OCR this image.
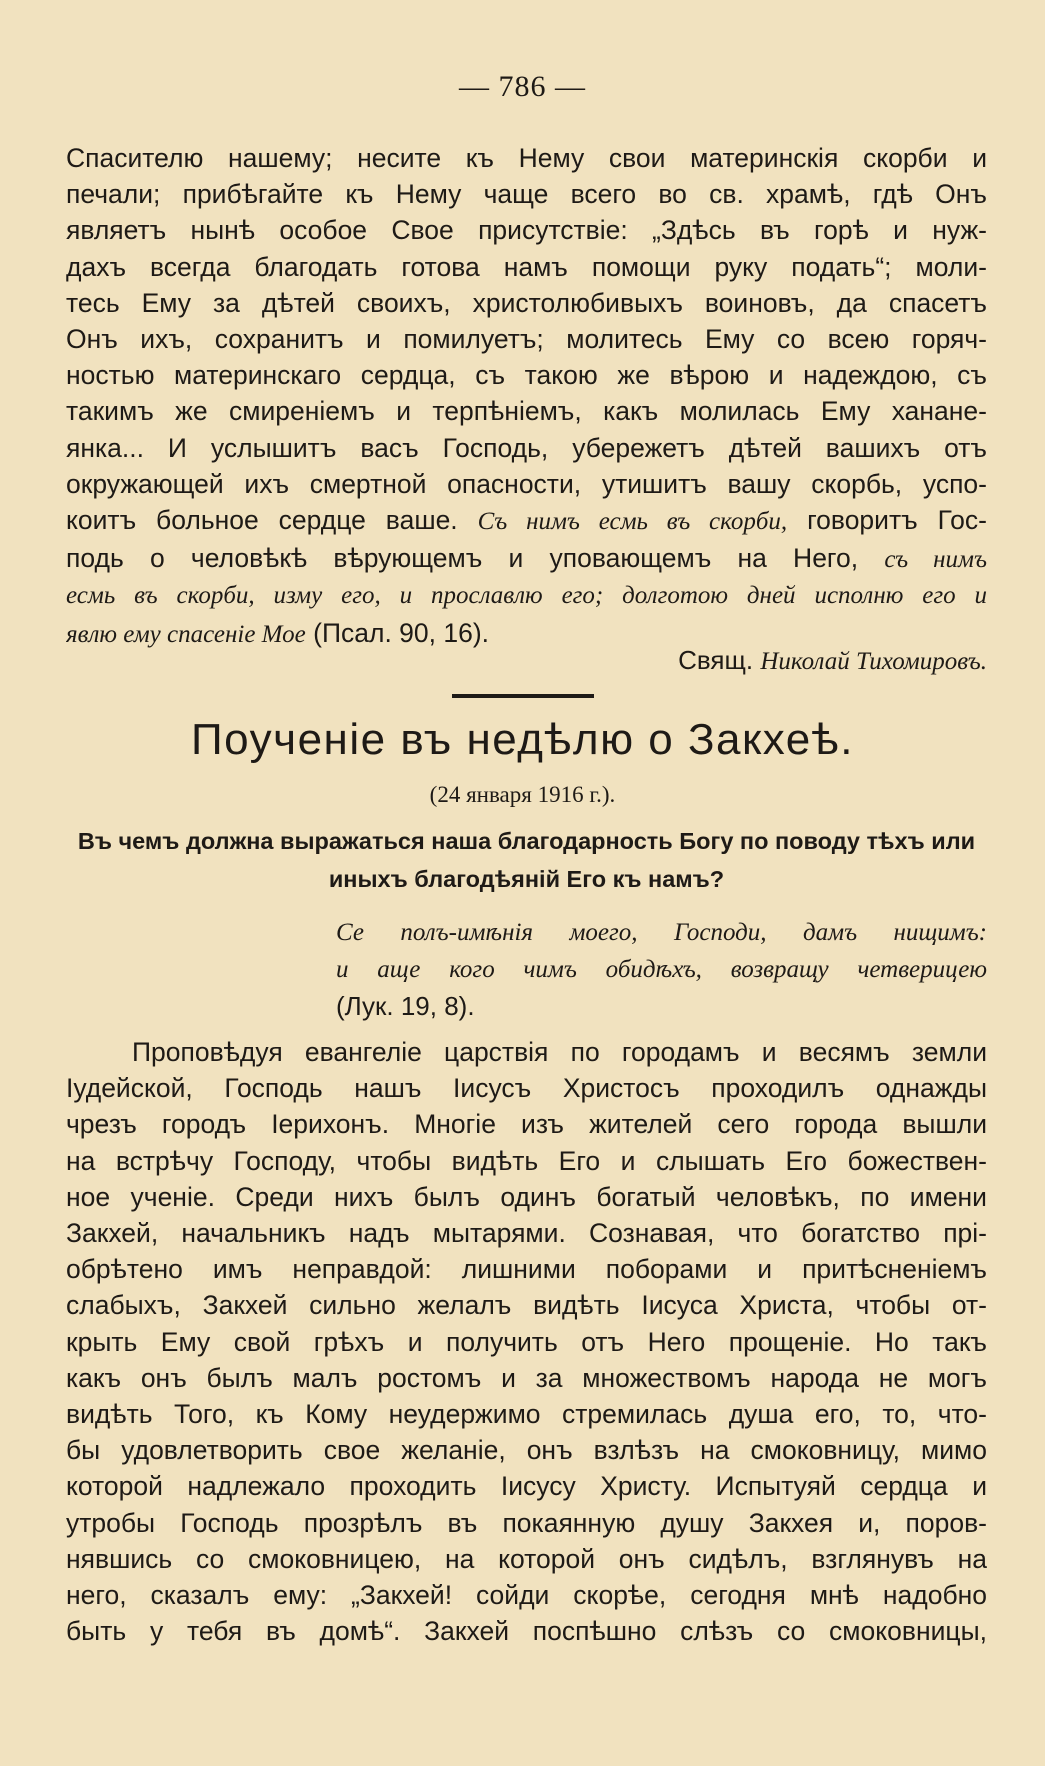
— 786 —
Спасителю нашему; несите къ Нему свои материнскія скорби и
печали; прибѣгайте къ Нему чаще всего во св. храмѣ, гдѣ Онъ
являетъ нынѣ особое Свое присутствіе: „Здѣсь въ горѣ и нуж-
дахъ всегда благодать готова намъ помощи руку подать“; моли-
тесь Ему за дѣтей своихъ, христолюбивыхъ воиновъ, да спасетъ
Онъ ихъ, сохранитъ и помилуетъ; молитесь Ему со всею горяч-
ностью материнскаго сердца, съ такою же вѣрою и надеждою, съ
такимъ же смиреніемъ и терпѣніемъ, какъ молилась Ему ханане-
янка... И услышитъ васъ Господь, убережетъ дѣтей вашихъ отъ
окружающей ихъ смертной опасности, утишитъ вашу скорбь, успо-
коитъ больное сердце ваше. Съ нимъ есмь въ скорби, говоритъ Гос-
подь о человѣкѣ вѣрующемъ и уповающемъ на Него, съ нимъ
есмь въ скорби, изму его, и прославлю его; долготою дней исполню его и
явлю ему спасеніе Мое (Псал. 90, 16).
Свящ. Николай Тихомировъ.
Поученіе въ недѣлю о Закхеѣ.
(24 января 1916 г.).
Въ чемъ должна выражаться наша благодарность Богу по поводу тѣхъ или
иныхъ благодѣяній Его къ намъ?
Се полъ-имѣнія моего, Господи, дамъ нищимъ:
и аще кого чимъ обидѣхъ, возвращу четверицею
(Лук. 19, 8).
Проповѣдуя евангеліе царствія по городамъ и весямъ земли
Іудейской, Господь нашъ Іисусъ Христосъ проходилъ однажды
чрезъ городъ Іерихонъ. Многіе изъ жителей сего города вышли
на встрѣчу Господу, чтобы видѣть Его и слышать Его божествен-
ное ученіе. Среди нихъ былъ одинъ богатый человѣкъ, по имени
Закхей, начальникъ надъ мытарями. Сознавая, что богатство прі-
обрѣтено имъ неправдой: лишними поборами и притѣсненіемъ
слабыхъ, Закхей сильно желалъ видѣть Іисуса Христа, чтобы от-
крыть Ему свой грѣхъ и получить отъ Него прощеніе. Но такъ
какъ онъ былъ малъ ростомъ и за множествомъ народа не могъ
видѣть Того, къ Кому неудержимо стремилась душа его, то, что-
бы удовлетворить свое желаніе, онъ взлѣзъ на смоковницу, мимо
которой надлежало проходить Іисусу Христу. Испытуяй сердца и
утробы Господь прозрѣлъ въ покаянную душу Закхея и, поров-
нявшись со смоковницею, на которой онъ сидѣлъ, взглянувъ на
него, сказалъ ему: „Закхей! сойди скорѣе, сегодня мнѣ надобно
быть у тебя въ домѣ“. Закхей поспѣшно слѣзъ со смоковницы,
